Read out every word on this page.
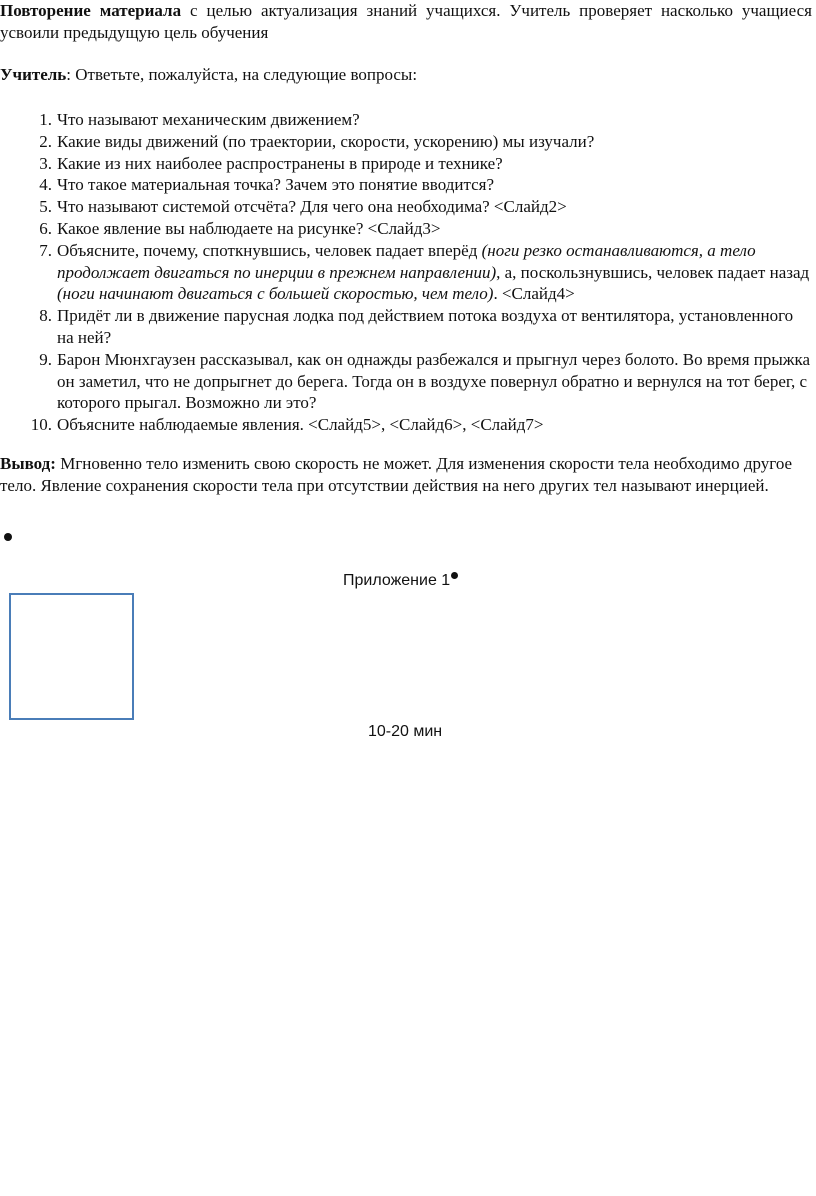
Повторение материала с целью актуализация знаний учащихся. Учитель проверяет насколько учащиеся усвоили предыдущую цель обучения
Учитель: Ответьте, пожалуйста, на следующие вопросы:
1. Что называют механическим движением?
2. Какие виды движений (по траектории, скорости, ускорению) мы изучали?
3. Какие из них наиболее распространены в природе и технике?
4. Что такое материальная точка? Зачем это понятие вводится?
5. Что называют системой отсчёта? Для чего она необходима? <Слайд2>
6. Какое явление вы наблюдаете на рисунке? <Слайд3>
7. Объясните, почему, споткнувшись, человек падает вперёд (ноги резко останавливаются, а тело продолжает двигаться по инерции в прежнем направлении), а, поскользнувшись, человек падает назад (ноги начинают двигаться с большей скоростью, чем тело). <Слайд4>
8. Придёт ли в движение парусная лодка под действием потока воздуха от вентилятора, установленного на ней?
9. Барон Мюнхгаузен рассказывал, как он однажды разбежался и прыгнул через болото. Во время прыжка он заметил, что не допрыгнет до берега. Тогда он в воздухе повернул обратно и вернулся на тот берег, с которого прыгал. Возможно ли это?
10. Объясните наблюдаемые явления. <Слайд5>, <Слайд6>, <Слайд7>
Вывод: Мгновенно тело изменить свою скорость не может. Для изменения скорости тела необходимо другое тело. Явление сохранения скорости тела при отсутствии действия на него других тел называют инерцией.
Приложение 1
10-20 мин
